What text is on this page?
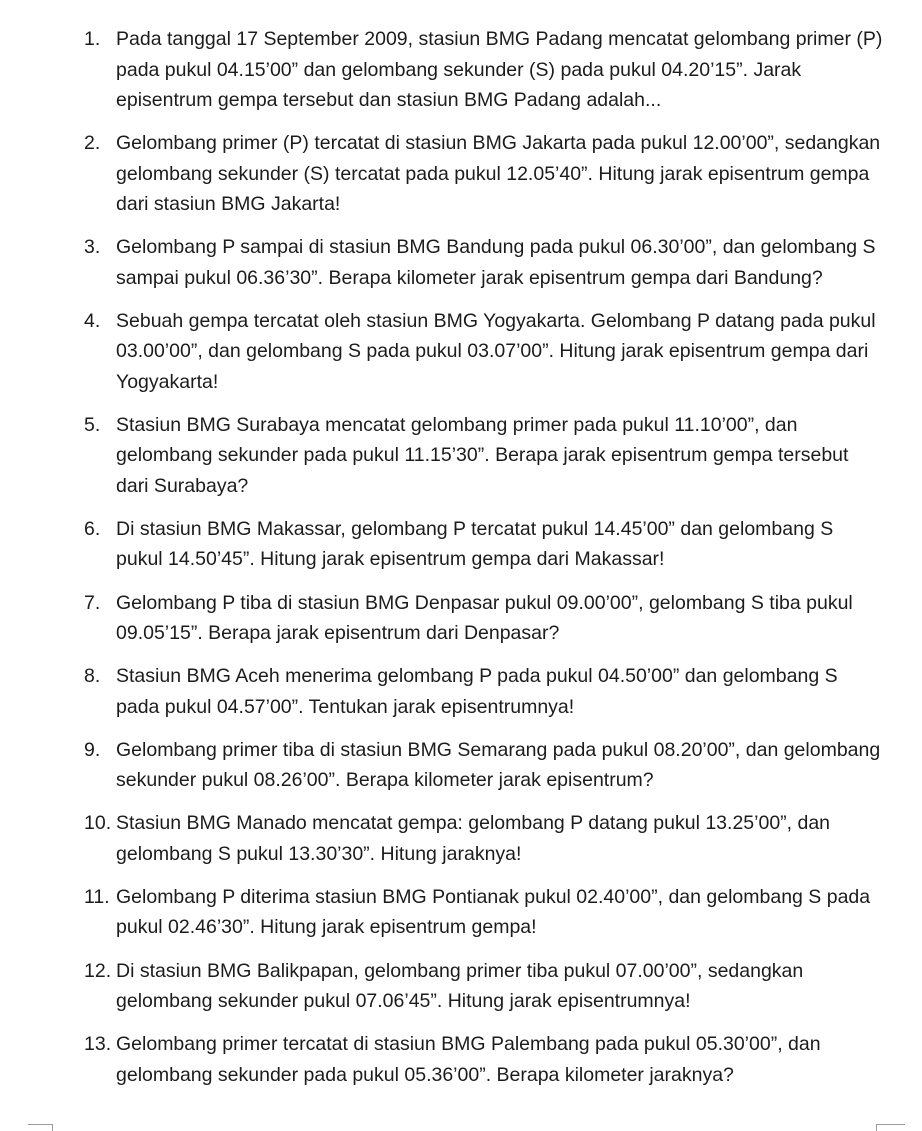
1. Pada tanggal 17 September 2009, stasiun BMG Padang mencatat gelombang primer (P) pada pukul 04.15’00” dan gelombang sekunder (S) pada pukul 04.20’15”. Jarak episentrum gempa tersebut dan stasiun BMG Padang adalah...
2. Gelombang primer (P) tercatat di stasiun BMG Jakarta pada pukul 12.00’00”, sedangkan gelombang sekunder (S) tercatat pada pukul 12.05’40”. Hitung jarak episentrum gempa dari stasiun BMG Jakarta!
3. Gelombang P sampai di stasiun BMG Bandung pada pukul 06.30’00”, dan gelombang S sampai pukul 06.36’30”. Berapa kilometer jarak episentrum gempa dari Bandung?
4. Sebuah gempa tercatat oleh stasiun BMG Yogyakarta. Gelombang P datang pada pukul 03.00’00”, dan gelombang S pada pukul 03.07’00”. Hitung jarak episentrum gempa dari Yogyakarta!
5. Stasiun BMG Surabaya mencatat gelombang primer pada pukul 11.10’00”, dan gelombang sekunder pada pukul 11.15’30”. Berapa jarak episentrum gempa tersebut dari Surabaya?
6. Di stasiun BMG Makassar, gelombang P tercatat pukul 14.45’00” dan gelombang S pukul 14.50’45”. Hitung jarak episentrum gempa dari Makassar!
7. Gelombang P tiba di stasiun BMG Denpasar pukul 09.00’00”, gelombang S tiba pukul 09.05’15”. Berapa jarak episentrum dari Denpasar?
8. Stasiun BMG Aceh menerima gelombang P pada pukul 04.50’00” dan gelombang S pada pukul 04.57’00”. Tentukan jarak episentrumnya!
9. Gelombang primer tiba di stasiun BMG Semarang pada pukul 08.20’00”, dan gelombang sekunder pukul 08.26’00”. Berapa kilometer jarak episentrum?
10. Stasiun BMG Manado mencatat gempa: gelombang P datang pukul 13.25’00”, dan gelombang S pukul 13.30’30”. Hitung jaraknya!
11. Gelombang P diterima stasiun BMG Pontianak pukul 02.40’00”, dan gelombang S pada pukul 02.46’30”. Hitung jarak episentrum gempa!
12. Di stasiun BMG Balikpapan, gelombang primer tiba pukul 07.00’00”, sedangkan gelombang sekunder pukul 07.06’45”. Hitung jarak episentrumnya!
13. Gelombang primer tercatat di stasiun BMG Palembang pada pukul 05.30’00”, dan gelombang sekunder pada pukul 05.36’00”. Berapa kilometer jaraknya?
